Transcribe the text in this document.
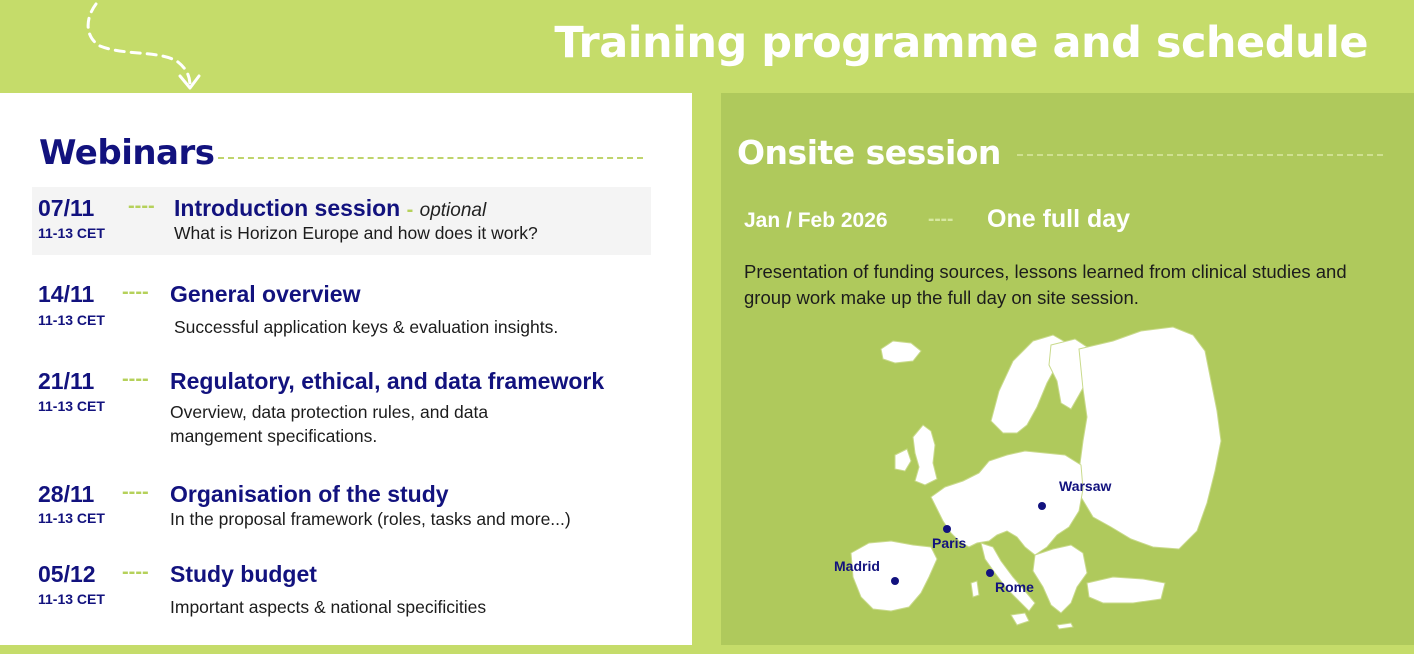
Training programme and schedule
Webinars
07/11
11-13 CET
---- Introduction session - optional
What is Horizon Europe and how does it work?
14/11
11-13 CET
---- General overview
Successful application keys & evaluation insights.
21/11
11-13 CET
---- Regulatory, ethical, and data framework
Overview, data protection rules, and data mangement specifications.
28/11
11-13 CET
---- Organisation of the study
In the proposal framework (roles, tasks and more...)
05/12
11-13 CET
---- Study budget
Important aspects & national specificities
Onsite session
Jan / Feb 2026 ---- One full day
Presentation of funding sources, lessons learned from clinical studies and group work make up the full day on site session.
Warsaw
Paris
Madrid
Rome
